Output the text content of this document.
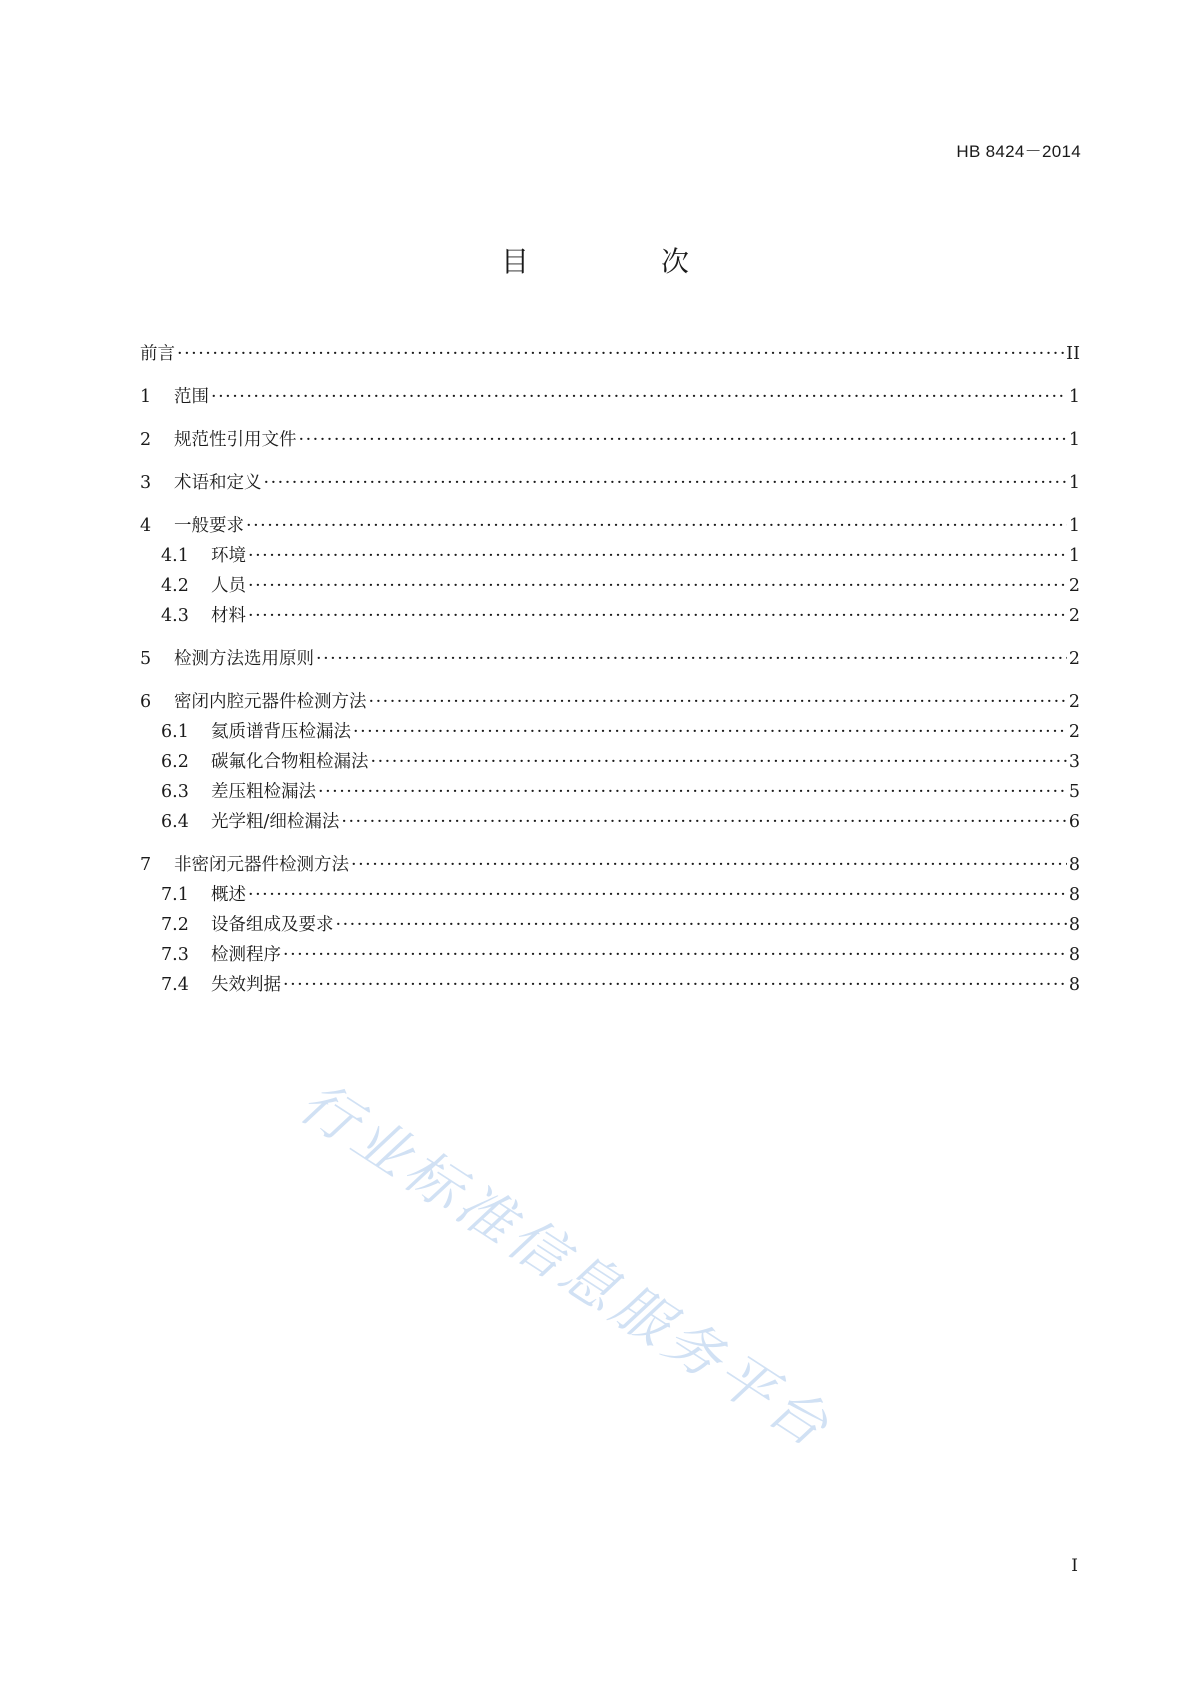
HB 8424－2014
目　次
前言 ·····	II
1	范围 ·····	1
2	规范性引用文件 ·····	1
3	术语和定义 ·····	1
4	一般要求 ·····	1
4.1	环境 ·····	1
4.2	人员 ·····	2
4.3	材料 ·····	2
5	检测方法选用原则 ·····	2
6	密闭内腔元器件检测方法 ·····	2
6.1	氦质谱背压检漏法 ·····	2
6.2	碳氟化合物粗检漏法 ·····	3
6.3	差压粗检漏法 ·····	5
6.4	光学粗/细检漏法 ·····	6
7	非密闭元器件检测方法 ·····	8
7.1	概述 ·····	8
7.2	设备组成及要求 ·····	8
7.3	检测程序 ·····	8
7.4	失效判据 ·····	8
行业标准信息服务平台
I
